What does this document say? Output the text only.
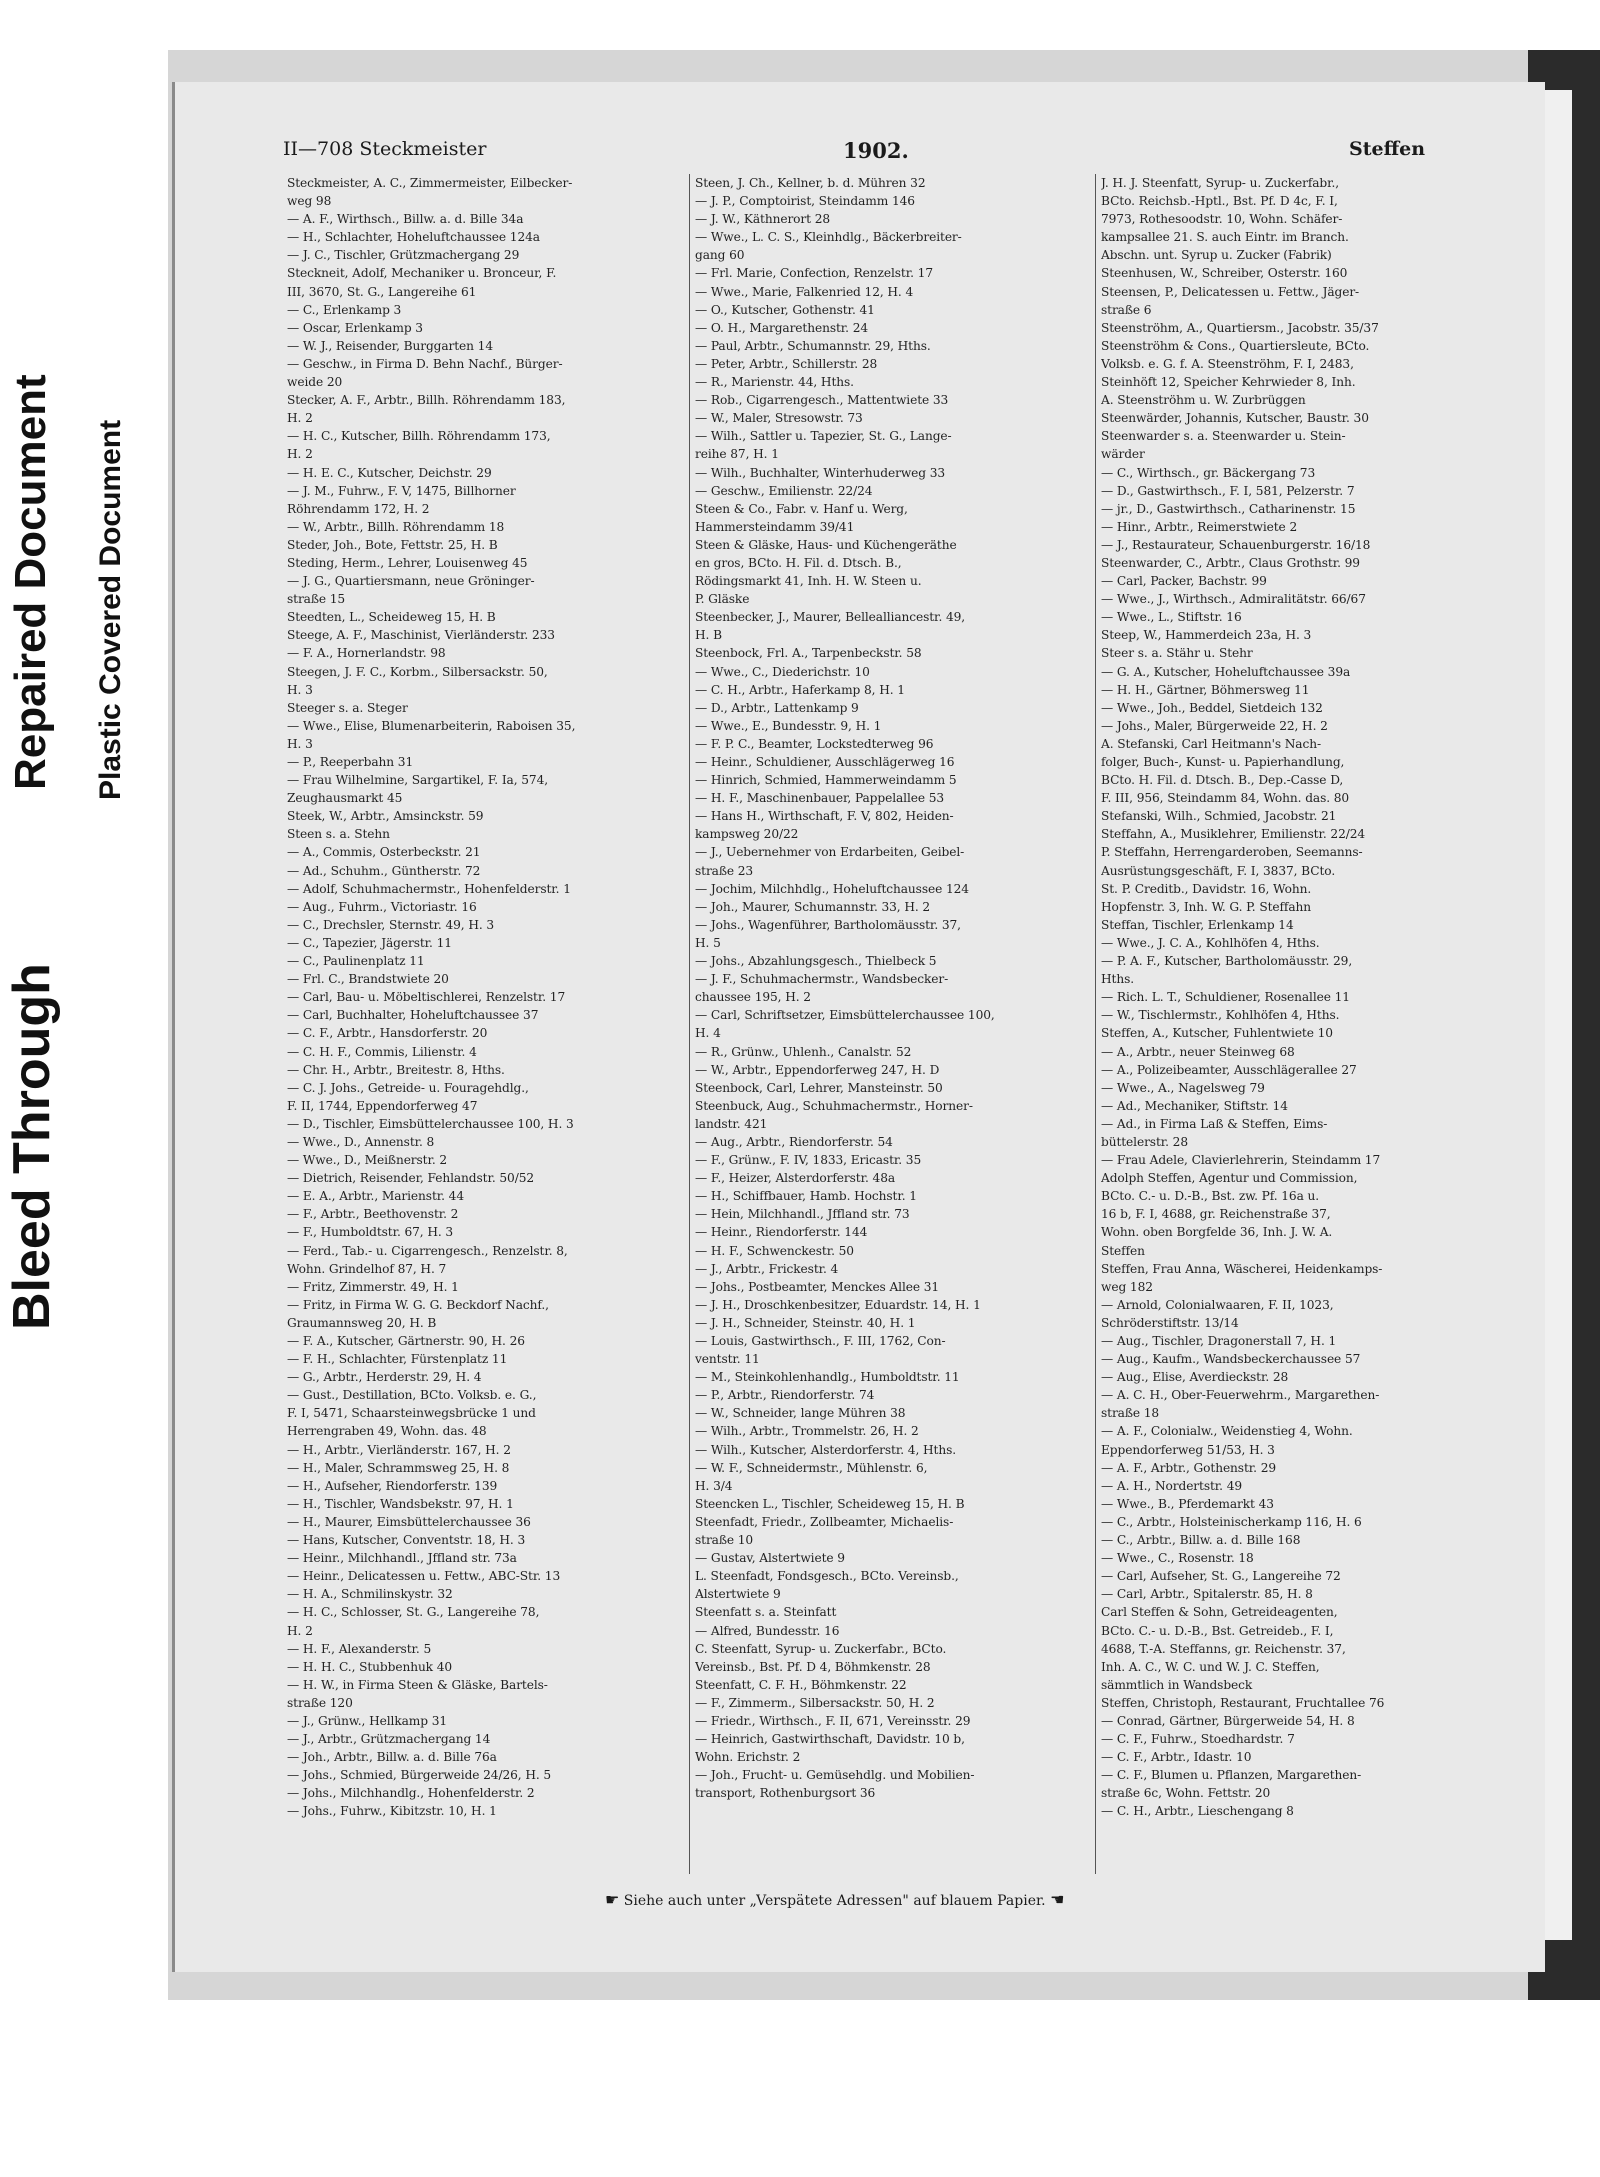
Bleed Through
Repaired Document Plastic Covered Document
II—708 Steckmeister	1902.	Steffen
Steckmeister, A. C., Zimmermeister, Eilbecker-
weg 98
— A. F., Wirthsch., Billw. a. d. Bille 34a
— H., Schlachter, Hoheluftchaussee 124a
— J. C., Tischler, Grützmachergang 29
Steckneit, Adolf, Mechaniker u. Bronceur, F.
III, 3670, St. G., Langereihe 61
— C., Erlenkamp 3
— Oscar, Erlenkamp 3
— W. J., Reisender, Burggarten 14
— Geschw., in Firma D. Behn Nachf., Bürger-
weide 20
Stecker, A. F., Arbtr., Billh. Röhrendamm 183,
H. 2
— H. C., Kutscher, Billh. Röhrendamm 173,
H. 2
— H. E. C., Kutscher, Deichstr. 29
— J. M., Fuhrw., F. V, 1475, Billhorner
Röhrendamm 172, H. 2
— W., Arbtr., Billh. Röhrendamm 18
Steder, Joh., Bote, Fettstr. 25, H. B
Steding, Herm., Lehrer, Louisenweg 45
— J. G., Quartiersmann, neue Gröninger-
straße 15
Steedten, L., Scheideweg 15, H. B
Steege, A. F., Maschinist, Vierländerstr. 233
— F. A., Hornerlandstr. 98
Steegen, J. F. C., Korbm., Silbersackstr. 50,
H. 3
Steeger s. a. Steger
— Wwe., Elise, Blumenarbeiterin, Raboisen 35,
H. 3
— P., Reeperbahn 31
— Frau Wilhelmine, Sargartikel, F. Ia, 574,
Zeughausmarkt 45
Steek, W., Arbtr., Amsinckstr. 59
Steen s. a. Stehn
— A., Commis, Osterbeckstr. 21
— Ad., Schuhm., Güntherstr. 72
— Adolf, Schuhmachermstr., Hohenfelderstr. 1
— Aug., Fuhrm., Victoriastr. 16
— C., Drechsler, Sternstr. 49, H. 3
— C., Tapezier, Jägerstr. 11
— C., Paulinenplatz 11
— Frl. C., Brandstwiete 20
— Carl, Bau- u. Möbeltischlerei, Renzelstr. 17
— Carl, Buchhalter, Hoheluftchaussee 37
— C. F., Arbtr., Hansdorferstr. 20
— C. H. F., Commis, Lilienstr. 4
— Chr. H., Arbtr., Breitestr. 8, Hths.
— C. J. Johs., Getreide- u. Fouragehdlg.,
F. II, 1744, Eppendorferweg 47
— D., Tischler, Eimsbüttelerchaussee 100, H. 3
— Wwe., D., Annenstr. 8
— Wwe., D., Meißnerstr. 2
— Dietrich, Reisender, Fehlandstr. 50/52
— E. A., Arbtr., Marienstr. 44
— F., Arbtr., Beethovenstr. 2
— F., Humboldtstr. 67, H. 3
— Ferd., Tab.- u. Cigarrengesch., Renzelstr. 8,
Wohn. Grindelhof 87, H. 7
— Fritz, Zimmerstr. 49, H. 1
— Fritz, in Firma W. G. G. Beckdorf Nachf.,
Graumannsweg 20, H. B
— F. A., Kutscher, Gärtnerstr. 90, H. 26
— F. H., Schlachter, Fürstenplatz 11
— G., Arbtr., Herderstr. 29, H. 4
— Gust., Destillation, BCto. Volksb. e. G.,
F. I, 5471, Schaarsteinwegsbrücke 1 und
Herrengraben 49, Wohn. das. 48
— H., Arbtr., Vierländerstr. 167, H. 2
— H., Maler, Schrammsweg 25, H. 8
— H., Aufseher, Riendorferstr. 139
— H., Tischler, Wandsbekstr. 97, H. 1
— H., Maurer, Eimsbüttelerchaussee 36
— Hans, Kutscher, Conventstr. 18, H. 3
— Heinr., Milchhandl., Jffland str. 73a
— Heinr., Delicatessen u. Fettw., ABC-Str. 13
— H. A., Schmilinskystr. 32
— H. C., Schlosser, St. G., Langereihe 78,
H. 2
— H. F., Alexanderstr. 5
— H. H. C., Stubbenhuk 40
— H. W., in Firma Steen & Gläske, Bartels-
straße 120
— J., Grünw., Hellkamp 31
— J., Arbtr., Grützmachergang 14
— Joh., Arbtr., Billw. a. d. Bille 76a
— Johs., Schmied, Bürgerweide 24/26, H. 5
— Johs., Milchhandlg., Hohenfelderstr. 2
— Johs., Fuhrw., Kibitzstr. 10, H. 1
Steen, J. Ch., Kellner, b. d. Mühren 32
— J. P., Comptoirist, Steindamm 146
— J. W., Käthnerort 28
— Wwe., L. C. S., Kleinhdlg., Bäckerbreiter-
gang 60
— Frl. Marie, Confection, Renzelstr. 17
— Wwe., Marie, Falkenried 12, H. 4
— O., Kutscher, Gothenstr. 41
— O. H., Margarethenstr. 24
— Paul, Arbtr., Schumannstr. 29, Hths.
— Peter, Arbtr., Schillerstr. 28
— R., Marienstr. 44, Hths.
— Rob., Cigarrengesch., Mattentwiete 33
— W., Maler, Stresowstr. 73
— Wilh., Sattler u. Tapezier, St. G., Lange-
reihe 87, H. 1
— Wilh., Buchhalter, Winterhuderweg 33
— Geschw., Emilienstr. 22/24
Steen & Co., Fabr. v. Hanf u. Werg,
Hammersteindamm 39/41
Steen & Gläske, Haus- und Küchengeräthe
en gros, BCto. H. Fil. d. Dtsch. B.,
Rödingsmarkt 41, Inh. H. W. Steen u.
P. Gläske
Steenbecker, J., Maurer, Bellealliancestr. 49,
H. B
Steenbock, Frl. A., Tarpenbeckstr. 58
— Wwe., C., Diederichstr. 10
— C. H., Arbtr., Haferkamp 8, H. 1
— D., Arbtr., Lattenkamp 9
— Wwe., E., Bundesstr. 9, H. 1
— F. P. C., Beamter, Lockstedterweg 96
— Heinr., Schuldiener, Ausschlägerweg 16
— Hinrich, Schmied, Hammerweindamm 5
— H. F., Maschinenbauer, Pappelallee 53
— Hans H., Wirthschaft, F. V, 802, Heiden-
kampsweg 20/22
— J., Uebernehmer von Erdarbeiten, Geibel-
straße 23
— Jochim, Milchhdlg., Hoheluftchaussee 124
— Joh., Maurer, Schumannstr. 33, H. 2
— Johs., Wagenführer, Bartholomäusstr. 37,
H. 5
— Johs., Abzahlungsgesch., Thielbeck 5
— J. F., Schuhmachermstr., Wandsbecker-
chaussee 195, H. 2
— Carl, Schriftsetzer, Eimsbüttelerchaussee 100,
H. 4
— R., Grünw., Uhlenh., Canalstr. 52
— W., Arbtr., Eppendorferweg 247, H. D
Steenbock, Carl, Lehrer, Mansteinstr. 50
Steenbuck, Aug., Schuhmachermstr., Horner-
landstr. 421
— Aug., Arbtr., Riendorferstr. 54
— F., Grünw., F. IV, 1833, Ericastr. 35
— F., Heizer, Alsterdorferstr. 48a
— H., Schiffbauer, Hamb. Hochstr. 1
— Hein, Milchhandl., Jffland str. 73
— Heinr., Riendorferstr. 144
— H. F., Schwenckestr. 50
— J., Arbtr., Frickestr. 4
— Johs., Postbeamter, Menckes Allee 31
— J. H., Droschkenbesitzer, Eduardstr. 14, H. 1
— J. H., Schneider, Steinstr. 40, H. 1
— Louis, Gastwirthsch., F. III, 1762, Con-
ventstr. 11
— M., Steinkohlenhandlg., Humboldtstr. 11
— P., Arbtr., Riendorferstr. 74
— W., Schneider, lange Mühren 38
— Wilh., Arbtr., Trommelstr. 26, H. 2
— Wilh., Kutscher, Alsterdorferstr. 4, Hths.
— W. F., Schneidermstr., Mühlenstr. 6,
H. 3/4
Steencken L., Tischler, Scheideweg 15, H. B
Steenfadt, Friedr., Zollbeamter, Michaelis-
straße 10
— Gustav, Alstertwiete 9
L. Steenfadt, Fondsgesch., BCto. Vereinsb.,
Alstertwiete 9
Steenfatt s. a. Steinfatt
— Alfred, Bundesstr. 16
C. Steenfatt, Syrup- u. Zuckerfabr., BCto.
Vereinsb., Bst. Pf. D 4, Böhmkenstr. 28
Steenfatt, C. F. H., Böhmkenstr. 22
— F., Zimmerm., Silbersackstr. 50, H. 2
— Friedr., Wirthsch., F. II, 671, Vereinsstr. 29
— Heinrich, Gastwirthschaft, Davidstr. 10 b,
Wohn. Erichstr. 2
— Joh., Frucht- u. Gemüsehdlg. und Mobilien-
transport, Rothenburgsort 36
J. H. J. Steenfatt, Syrup- u. Zuckerfabr.,
BCto. Reichsb.-Hptl., Bst. Pf. D 4c, F. I,
7973, Rothesoodstr. 10, Wohn. Schäfer-
kampsallee 21. S. auch Eintr. im Branch.
Abschn. unt. Syrup u. Zucker (Fabrik)
Steenhusen, W., Schreiber, Osterstr. 160
Steensen, P., Delicatessen u. Fettw., Jäger-
straße 6
Steenströhm, A., Quartiersm., Jacobstr. 35/37
Steenströhm & Cons., Quartiersleute, BCto.
Volksb. e. G. f. A. Steenströhm, F. I, 2483,
Steinhöft 12, Speicher Kehrwieder 8, Inh.
A. Steenströhm u. W. Zurbrüggen
Steenwärder, Johannis, Kutscher, Baustr. 30
Steenwarder s. a. Steenwarder u. Stein-
wärder
— C., Wirthsch., gr. Bäckergang 73
— D., Gastwirthsch., F. I, 581, Pelzerstr. 7
— jr., D., Gastwirthsch., Catharinenstr. 15
— Hinr., Arbtr., Reimerstwiete 2
— J., Restaurateur, Schauenburgerstr. 16/18
Steenwarder, C., Arbtr., Claus Grothstr. 99
— Carl, Packer, Bachstr. 99
— Wwe., J., Wirthsch., Admiralitätstr. 66/67
— Wwe., L., Stiftstr. 16
Steep, W., Hammerdeich 23a, H. 3
Steer s. a. Stähr u. Stehr
— G. A., Kutscher, Hoheluftchaussee 39a
— H. H., Gärtner, Böhmersweg 11
— Wwe., Joh., Beddel, Sietdeich 132
— Johs., Maler, Bürgerweide 22, H. 2
A. Stefanski, Carl Heitmann's Nach-
folger, Buch-, Kunst- u. Papierhandlung,
BCto. H. Fil. d. Dtsch. B., Dep.-Casse D,
F. III, 956, Steindamm 84, Wohn. das. 80
Stefanski, Wilh., Schmied, Jacobstr. 21
Steffahn, A., Musiklehrer, Emilienstr. 22/24
P. Steffahn, Herrengarderoben, Seemanns-
Ausrüstungsgeschäft, F. I, 3837, BCto.
St. P. Creditb., Davidstr. 16, Wohn.
Hopfenstr. 3, Inh. W. G. P. Steffahn
Steffan, Tischler, Erlenkamp 14
— Wwe., J. C. A., Kohlhöfen 4, Hths.
— P. A. F., Kutscher, Bartholomäusstr. 29,
Hths.
— Rich. L. T., Schuldiener, Rosenallee 11
— W., Tischlermstr., Kohlhöfen 4, Hths.
Steffen, A., Kutscher, Fuhlentwiete 10
— A., Arbtr., neuer Steinweg 68
— A., Polizeibeamter, Ausschlägerallee 27
— Wwe., A., Nagelsweg 79
— Ad., Mechaniker, Stiftstr. 14
— Ad., in Firma Laß & Steffen, Eims-
büttelerstr. 28
— Frau Adele, Clavierlehrerin, Steindamm 17
Adolph Steffen, Agentur und Commission,
BCto. C.- u. D.-B., Bst. zw. Pf. 16a u.
16 b, F. I, 4688, gr. Reichenstraße 37,
Wohn. oben Borgfelde 36, Inh. J. W. A.
Steffen
Steffen, Frau Anna, Wäscherei, Heidenkamps-
weg 182
— Arnold, Colonialwaaren, F. II, 1023,
Schröderstiftstr. 13/14
— Aug., Tischler, Dragonerstall 7, H. 1
— Aug., Kaufm., Wandsbeckerchaussee 57
— Aug., Elise, Averdieckstr. 28
— A. C. H., Ober-Feuerwehrm., Margarethen-
straße 18
— A. F., Colonialw., Weidenstieg 4, Wohn.
Eppendorferweg 51/53, H. 3
— A. F., Arbtr., Gothenstr. 29
— A. H., Nordertstr. 49
— Wwe., B., Pferdemarkt 43
— C., Arbtr., Holsteinischerkamp 116, H. 6
— C., Arbtr., Billw. a. d. Bille 168
— Wwe., C., Rosenstr. 18
— Carl, Aufseher, St. G., Langereihe 72
— Carl, Arbtr., Spitalerstr. 85, H. 8
Carl Steffen & Sohn, Getreideagenten,
BCto. C.- u. D.-B., Bst. Getreideb., F. I,
4688, T.-A. Steffanns, gr. Reichenstr. 37,
Inh. A. C., W. C. und W. J. C. Steffen,
sämmtlich in Wandsbeck
Steffen, Christoph, Restaurant, Fruchtallee 76
— Conrad, Gärtner, Bürgerweide 54, H. 8
— C. F., Fuhrw., Stoedhardstr. 7
— C. F., Arbtr., Idastr. 10
— C. F., Blumen u. Pflanzen, Margarethen-
straße 6c, Wohn. Fettstr. 20
— C. H., Arbtr., Lieschengang 8
☛ Siehe auch unter „Verspätete Adressen" auf blauem Papier. ☚
